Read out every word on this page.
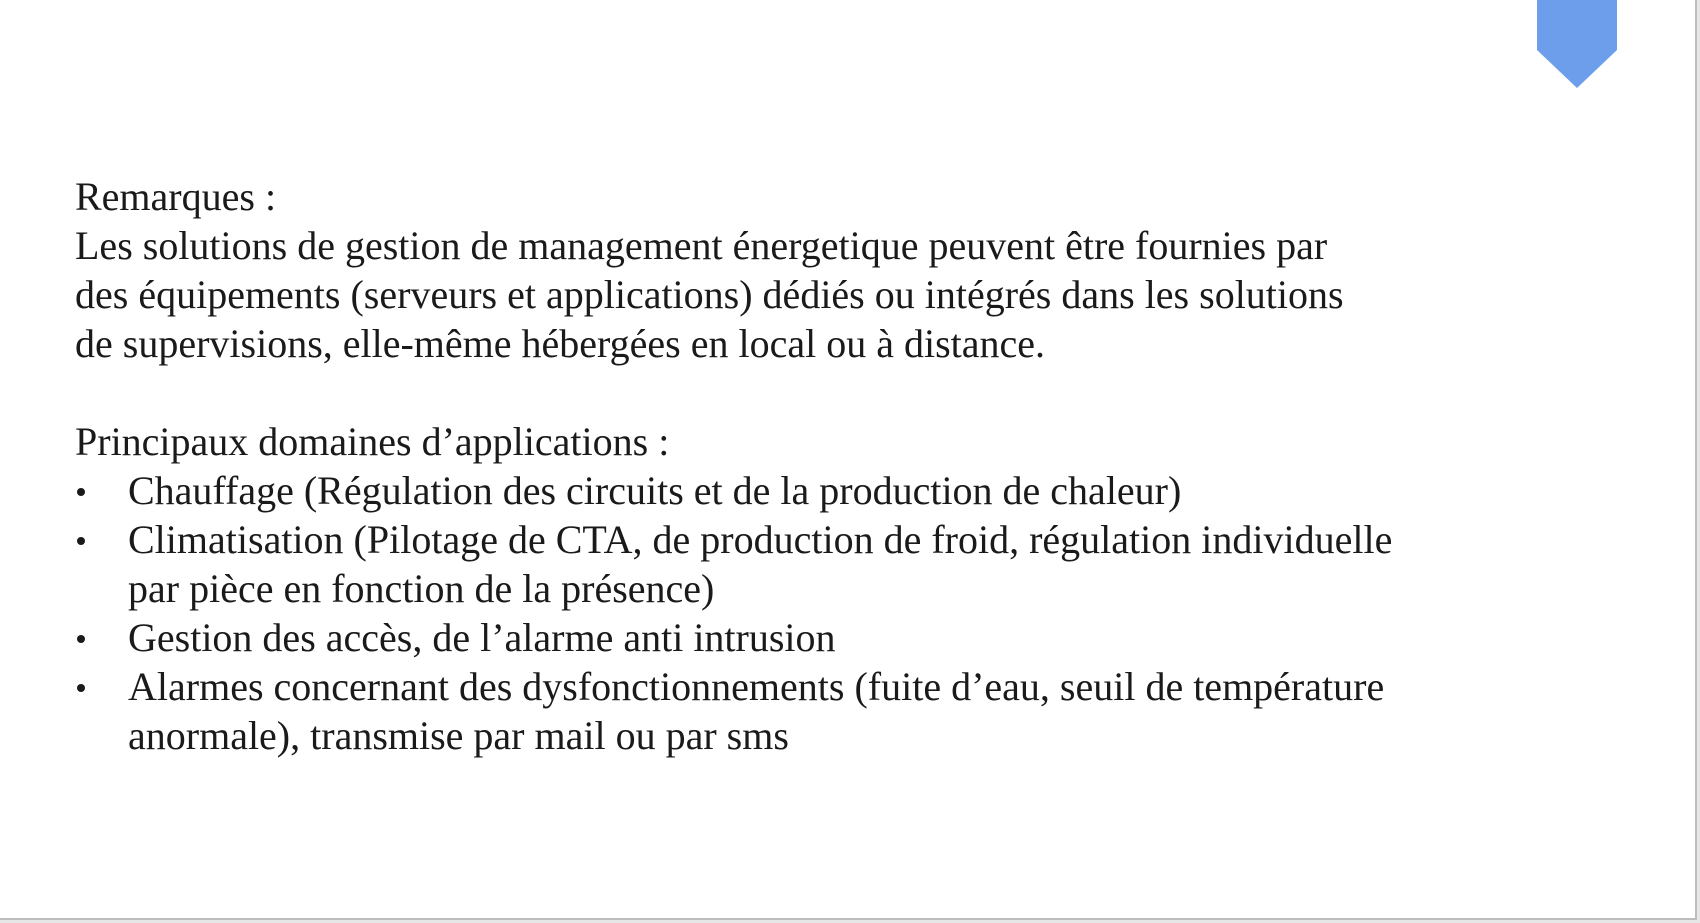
Remarques :

Les solutions de gestion de management énergetique peuvent être fournies par

des équipements (serveurs et applications) dédiés ou intégrés dans les solutions

de supervisions, elle-même hébergées en local ou à distance.

Principaux domaines d’applications :

Chauffage (Régulation des circuits et de la production de chaleur)

Climatisation (Pilotage de CTA, de production de froid, régulation individuelle

par pièce en fonction de la présence)

Gestion des accès, de l’alarme anti intrusion

Alarmes concernant des dysfonctionnements (fuite d’eau, seuil de température

anormale), transmise par mail ou par sms
